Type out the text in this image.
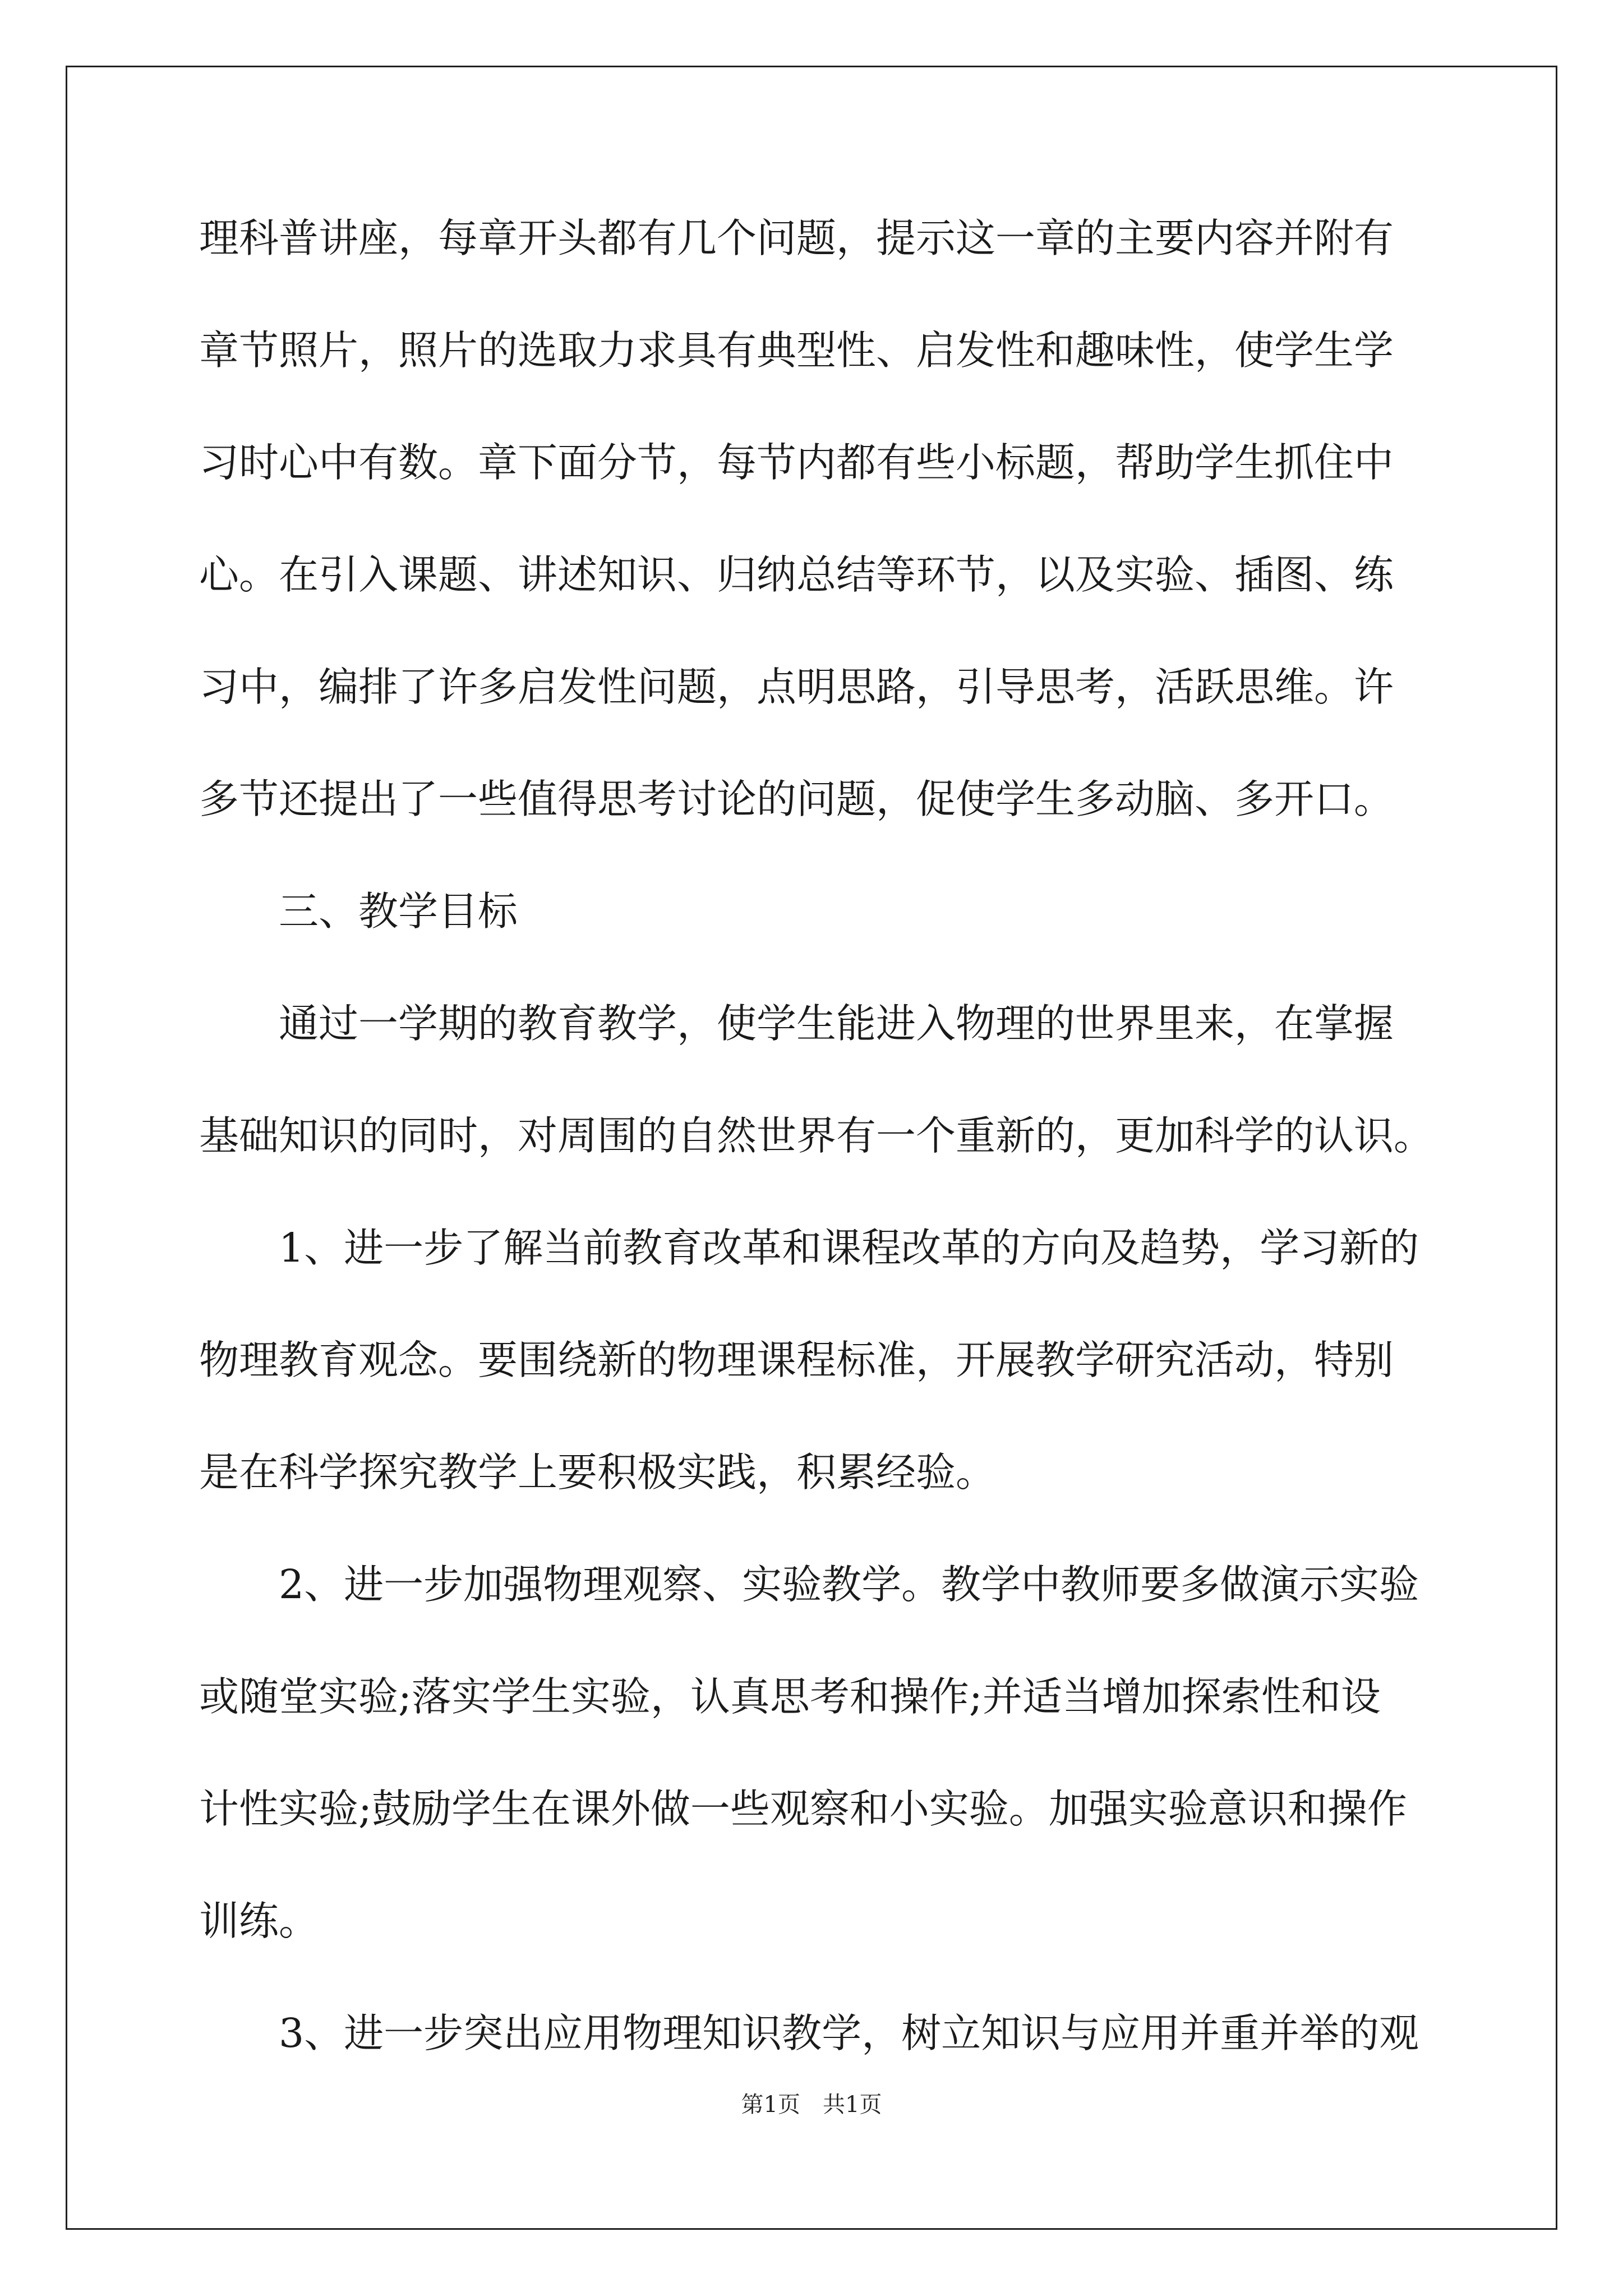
理科普讲座，每章开头都有几个问题，提示这一章的主要内容并附有
章节照片，照片的选取力求具有典型性、启发性和趣味性，使学生学
习时心中有数。章下面分节，每节内都有些小标题，帮助学生抓住中
心。在引入课题、讲述知识、归纳总结等环节，以及实验、插图、练
习中，编排了许多启发性问题，点明思路，引导思考，活跃思维。许
多节还提出了一些值得思考讨论的问题，促使学生多动脑、多开口。
三、教学目标
通过一学期的教育教学，使学生能进入物理的世界里来，在掌握
基础知识的同时，对周围的自然世界有一个重新的，更加科学的认识。
1、进一步了解当前教育改革和课程改革的方向及趋势，学习新的
物理教育观念。要围绕新的物理课程标准，开展教学研究活动，特别
是在科学探究教学上要积极实践，积累经验。
2、进一步加强物理观察、实验教学。教学中教师要多做演示实验
或随堂实验;落实学生实验，认真思考和操作;并适当增加探索性和设
计性实验;鼓励学生在课外做一些观察和小实验。加强实验意识和操作
训练。
3、进一步突出应用物理知识教学，树立知识与应用并重并举的观
第1页 共1页
